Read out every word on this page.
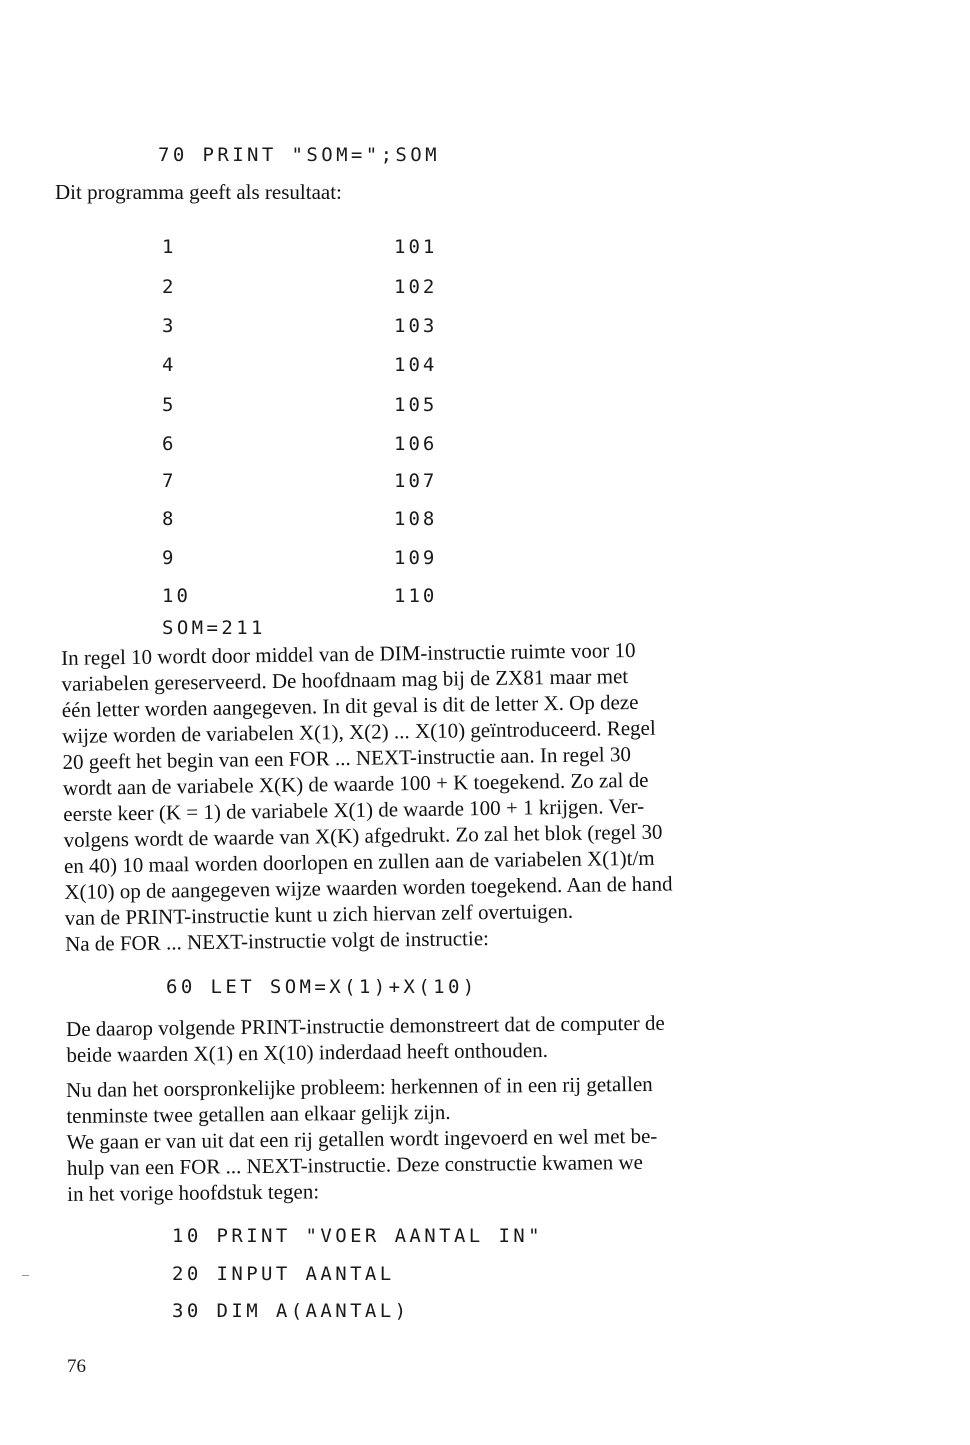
70 PRINT "SOM=";SOM
Dit programma geeft als resultaat:
1	101
2	102
3	103
4	104
5	105
6	106
7	107
8	108
9	109
10	110
SOM=211
In regel 10 wordt door middel van de DIM-instructie ruimte voor 10
variabelen gereserveerd. De hoofdnaam mag bij de ZX81 maar met
één letter worden aangegeven. In dit geval is dit de letter X. Op deze
wijze worden de variabelen X(1), X(2) ... X(10) geïntroduceerd. Regel
20 geeft het begin van een FOR ... NEXT-instructie aan. In regel 30
wordt aan de variabele X(K) de waarde 100 + K toegekend. Zo zal de
eerste keer (K = 1) de variabele X(1) de waarde 100 + 1 krijgen. Ver-
volgens wordt de waarde van X(K) afgedrukt. Zo zal het blok (regel 30
en 40) 10 maal worden doorlopen en zullen aan de variabelen X(1)t/m
X(10) op de aangegeven wijze waarden worden toegekend. Aan de hand
van de PRINT-instructie kunt u zich hiervan zelf overtuigen.
Na de FOR ... NEXT-instructie volgt de instructie:
60 LET SOM=X(1)+X(10)
De daarop volgende PRINT-instructie demonstreert dat de computer de
beide waarden X(1) en X(10) inderdaad heeft onthouden.
Nu dan het oorspronkelijke probleem: herkennen of in een rij getallen
tenminste twee getallen aan elkaar gelijk zijn.
We gaan er van uit dat een rij getallen wordt ingevoerd en wel met be-
hulp van een FOR ... NEXT-instructie. Deze constructie kwamen we
in het vorige hoofdstuk tegen:
10 PRINT "VOER AANTAL IN"
20 INPUT AANTAL
30 DIM A(AANTAL)
76
